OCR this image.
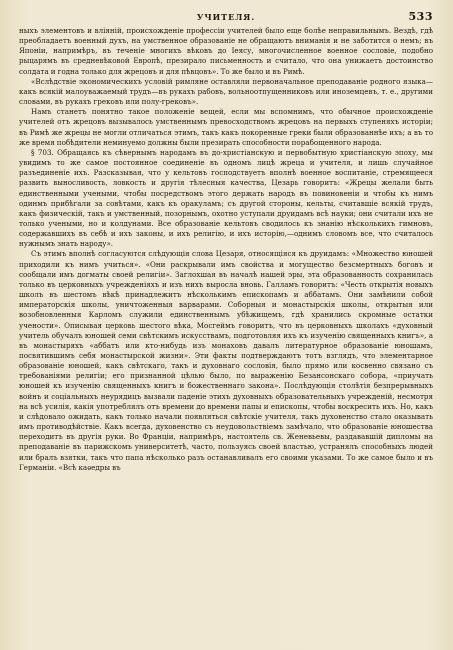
УЧИТЕЛЯ.	533

ныхъ элементовъ и вліяній, происхожденіе профессіи учителей было еще болѣе неправильнымъ. Вездѣ, гдѣ преобладаетъ военный духъ, на умственное образованіе не обращаютъ вниманія и не заботится о немъ; въ Японіи, напримѣръ, въ теченіе многихъ вѣковъ до Іеясу, многочисленное военное сословіе, подобно рыцарямъ въ средневѣковой Европѣ, презирало письменность и считало, что она унижаетъ достоинство солдата и годна только для жрецовъ и для пѣвцовъ». То же было и въ Римѣ.

«Вслѣдствіе экономическихъ условій римляне оставляли первоначальное преподаваніе родного языка—какъ всякій малоуважаемый трудъ—въ рукахъ рабовъ, вольноотпущенниковъ или иноземцевъ, т. е., другими словами, въ рукахъ грековъ или полу-грековъ».

Намъ станетъ понятно такое положеніе вещей, если мы вспомнимъ, что обычное происхожденіе учителей отъ жрецовъ вызывалось умственнымъ превосходствомъ жрецовъ на первыхъ ступеняхъ исторіи; въ Римѣ же жрецы не могли отличаться этимъ, такъ какъ покоренные греки были образованнѣе ихъ; а въ то же время побѣдители неминуемо должны были презирать способности порабощенного народа.

§ 703. Обращаясь къ сѣвернымъ народамъ въ до-христіанскую и первобытную христіанскую эпоху, мы увидимъ то же самое постоянное соединеніе въ одномъ лицѣ жреца и учителя, и лишь случайное разъединеніе ихъ. Разсказывая, что у кельтовъ господствуетъ вполнѣ военное воспитаніе, стремящееся развить выносливость, ловкость и другія тѣлесныя качества, Цезарь говоритъ: «Жрецы желали быть единственными учеными, чтобы посредствомъ этого держать народъ въ повиновеніи и чтобы къ нимъ одинмъ прибѣгали за совѣтами, какъ къ оракуламъ; съ другой стороны, кельты, считавшіе всякій трудъ, какъ физическій, такъ и умственный, позорнымъ, охотно уступали друидамъ всѣ науки; они считали ихъ не только учеными, но и колдунами. Все образованіе кельтовъ сводилось къ знанію нѣсколькихъ гимновъ, содержавшихъ въ себѣ и ихъ законы, и ихъ религію, и ихъ исторію,—однимъ словомъ все, что считалось нужнымъ знать народу».

Съ этимъ вполнѣ согласуются слѣдующія слова Цезаря, относящіяся къ друидамъ: «Множество юношей приходили къ нимъ учиться». «Они раскрывали имъ свойства и могущество безсмертныхъ боговъ и сообщали имъ догматы своей религіи». Заглохшая въ началѣ нашей эры, эта образованность сохранилась только въ церковныхъ учрежденіяхъ и изъ нихъ выросла вновь. Галламъ говоритъ: «Честь открытія новыхъ школъ въ шестомъ вѣкѣ принадлежитъ нѣсколькимъ епископамъ и аббатамъ. Они замѣнили собой императорскія школы, уничтоженныя варварами. Соборныя и монастырскія школы, открытыя или возобновленныя Карломъ служили единственнымъ убѣжищемъ, гдѣ хранились скромные остатки учености». Описывая церковь шестого вѣка, Мосгеймъ говоритъ, что въ церковныхъ школахъ «духовный учитель обучалъ юношей семи свѣтскимъ искусствамъ, подготовляя ихъ къ изученію священныхъ книгъ», а въ монастыряхъ «аббатъ или кто-нибудь изъ монаховъ давалъ литературное образованіе юношамъ, посвятившимъ себя монастырской жизни». Эти факты подтверждаютъ тотъ взглядъ, что элементарное образованіе юношей, какъ свѣтскаго, такъ и духовнаго сословія, было прямо или косвенно связано съ требованіями религіи; его признанной цѣлью было, по выраженію Безансонскаго собора, «приучать юношей къ изученію священныхъ книгъ и божественнаго закона». Послѣдующія столѣтія безпрерывныхъ войнъ и соціальныхъ неурядицъ вызвали паденіе этихъ духовныхъ образовательныхъ учрежденій, несмотря на всѣ усилія, какія употреблялъ отъ времени до времени папы и епископы, чтобы воскресить ихъ. Но, какъ и слѣдовало ожидать, какъ только начали появляться свѣтскіе учителя, такъ духовенство стало оказывать имъ противодѣйствіе. Какъ всегда, духовенство съ неудовольствіемъ замѣчало, что образованіе юношества переходитъ въ другія руки. Во Франціи, напримѣръ, настоятель св. Женевьевы, раздававшій дипломы на преподаваніе въ парижскомъ университетѣ, часто, пользуясь своей властью, устранялъ способныхъ людей или бралъ взятки, такъ что папа нѣсколько разъ останавливалъ его своими указами. То же самое было и въ Германіи. «Всѣ каѳедры въ
